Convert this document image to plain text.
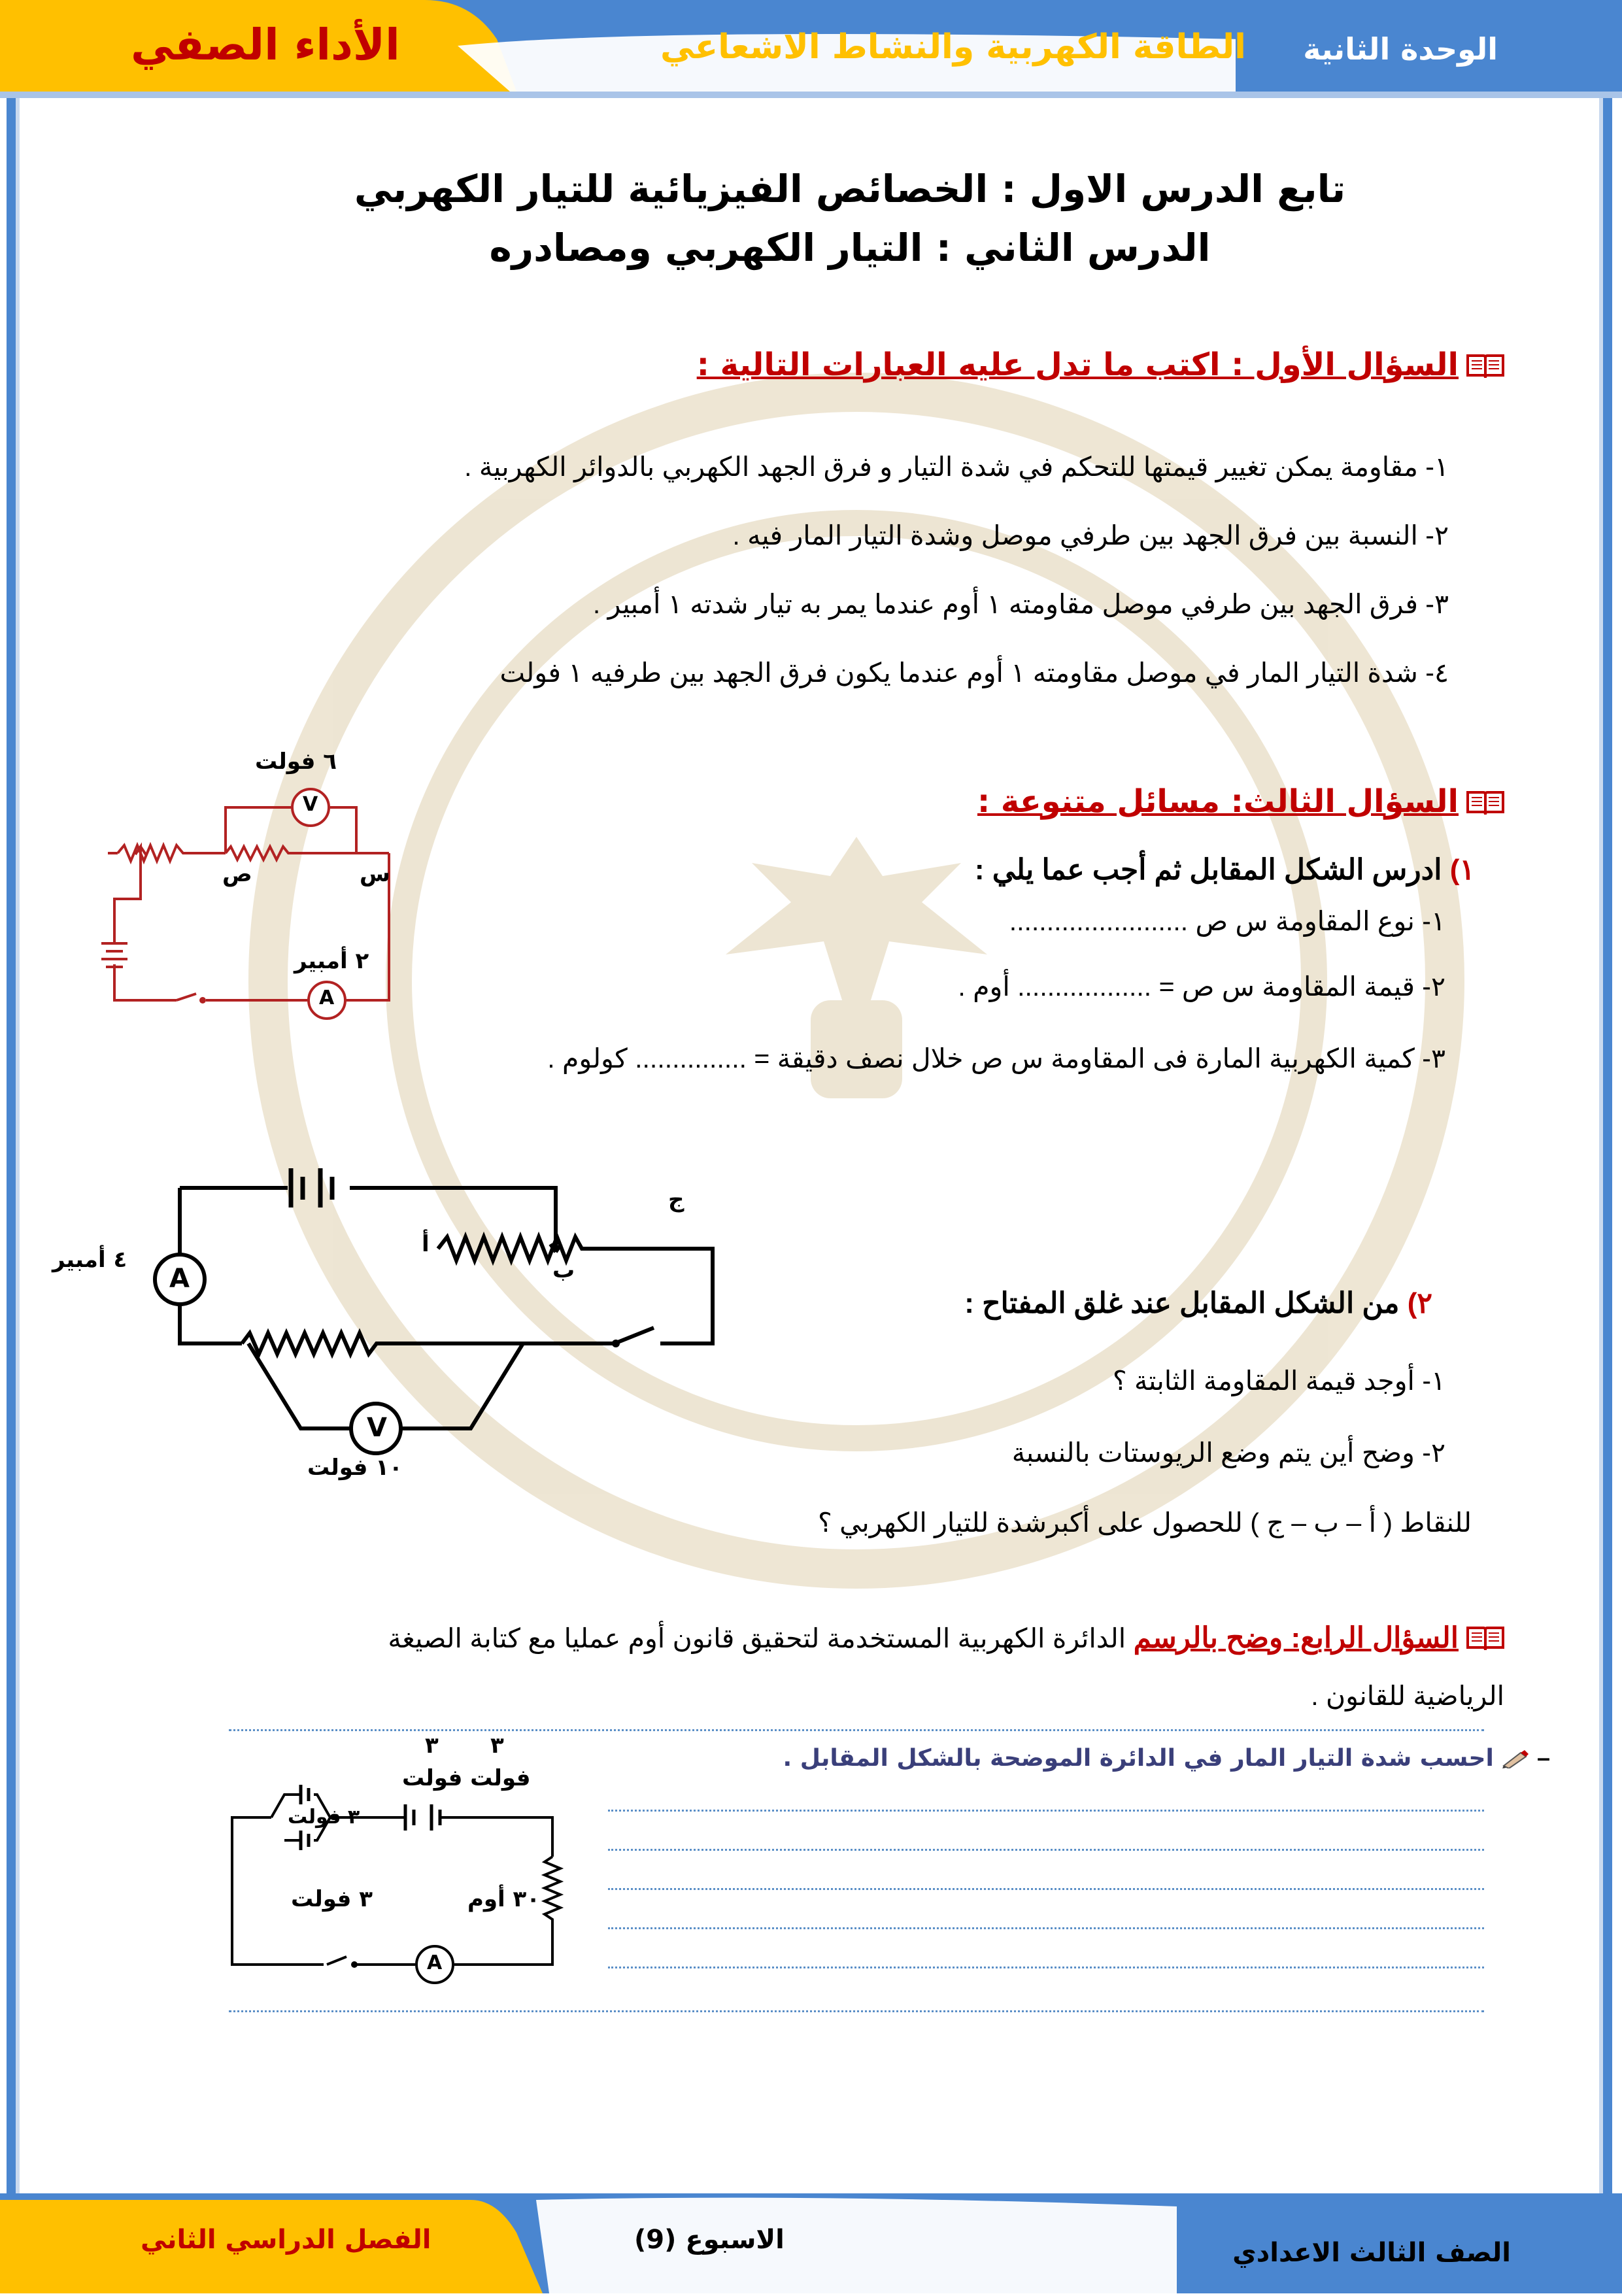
الوحدة الثانية
الطاقة الكهربية والنشاط الاشعاعي
الأداء الصفي
تابع الدرس الاول : الخصائص الفيزيائية للتيار الكهربي
الدرس الثاني : التيار الكهربي ومصادره
السؤال الأول : اكتب ما تدل عليه العبارات التالية :
١- مقاومة يمكن تغيير قيمتها للتحكم في شدة التيار و فرق الجهد الكهربي بالدوائر الكهربية .
٢- النسبة بين فرق الجهد بين طرفي موصل وشدة التيار المار فيه .
٣- فرق الجهد بين طرفي موصل مقاومته ١ أوم عندما يمر به تيار شدته ١ أمبير .
٤- شدة التيار المار في موصل مقاومته ١ أوم عندما يكون فرق الجهد بين طرفيه ١ فولت
السؤال الثالث: مسائل متنوعة :
١) ادرس الشكل المقابل ثم أجب عما يلي :
١- نوع المقاومة س ص ........................
٢- قيمة المقاومة س ص = .................. أوم .
٣- كمية الكهربية المارة فى المقاومة س ص خلال نصف دقيقة = ............... كولوم .
V
A
٦ فولت
٢ أمبير
س
ص
A
V
٤ أمبير
١٠ فولت
أ
ب
ج
٢) من الشكل المقابل عند غلق المفتاح :
١- أوجد قيمة المقاومة الثابتة ؟
٢- وضح أين يتم وضع الريوستات بالنسبة
للنقاط ( أ – ب – ج ) للحصول على أكبرشدة للتيار الكهربي ؟
السؤال الرابع: وضح بالرسم الدائرة الكهربية المستخدمة لتحقيق قانون أوم عمليا مع كتابة الصيغة
الرياضية للقانون .
–  احسب شدة التيار المار في الدائرة الموضحة بالشكل المقابل .
A
٣ ٣
فولت فولت
٣ فولت
٣ فولت	٣٠ أوم
الصف الثالث الاعدادي
الاسبوع (9)
الفصل الدراسي الثاني
